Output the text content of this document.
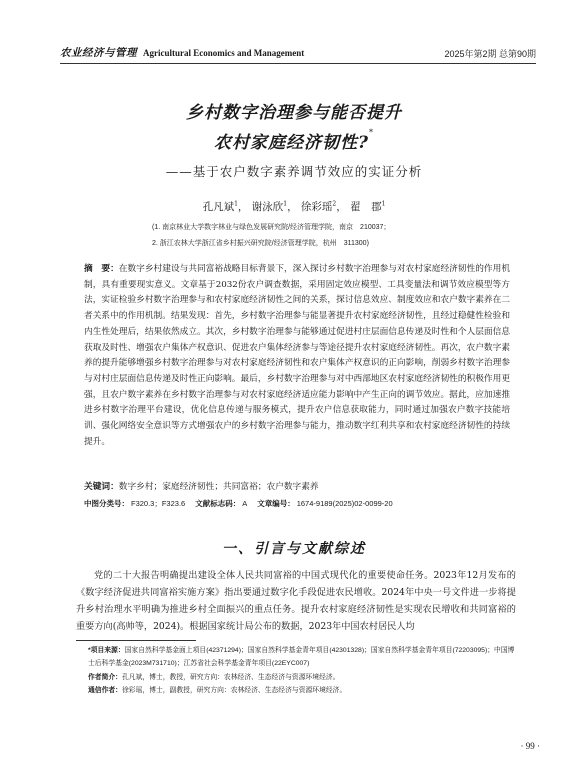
农业经济与管理 Agricultural Economics and Management	2025年第2期 总第90期
乡村数字治理参与能否提升
农村家庭经济韧性?*
——基于农户数字素养调节效应的实证分析
孔凡斌$^1$， 谢泳欣$^1$， 徐彩瑶$^2$， 翟　郡$^1$
(1. 南京林业大学数字林业与绿色发展研究院/经济管理学院，南京　210037；
2. 浙江农林大学浙江省乡村振兴研究院/经济管理学院，杭州　311300)
摘　要：在数字乡村建设与共同富裕战略目标背景下，深入探讨乡村数字治理参与对农村家庭经济韧性的作用机制，具有重要现实意义。文章基于2032份农户调查数据，采用固定效应模型、工具变量法和调节效应模型等方法，实证检验乡村数字治理参与和农村家庭经济韧性之间的关系，探讨信息效应、制度效应和农户数字素养在二者关系中的作用机制。结果发现：首先，乡村数字治理参与能显著提升农村家庭经济韧性，且经过稳健性检验和内生性处理后，结果依然成立。其次，乡村数字治理参与能够通过促进村庄层面信息传递及时性和个人层面信息获取及时性、增强农户集体产权意识、促进农户集体经济参与等途径提升农村家庭经济韧性。再次，农户数字素养的提升能够增强乡村数字治理参与对农村家庭经济韧性和农户集体产权意识的正向影响，削弱乡村数字治理参与对村庄层面信息传递及时性正向影响。最后，乡村数字治理参与对中西部地区农村家庭经济韧性的积极作用更强，且农户数字素养在乡村数字治理参与对农村家庭经济适应能力影响中产生正向的调节效应。据此，应加速推进乡村数字治理平台建设，优化信息传递与服务模式，提升农户信息获取能力，同时通过加强农户数字技能培训、强化网络安全意识等方式增强农户的乡村数字治理参与能力，推动数字红利共享和农村家庭经济韧性的持续提升。
关键词：数字乡村；家庭经济韧性；共同富裕；农户数字素养
中图分类号： F320.3；F323.6 文献标志码： A 文章编号： 1674-9189(2025)02-0099-20
一、引言与文献综述
党的二十大报告明确提出建设全体人民共同富裕的中国式现代化的重要使命任务。2023年12月发布的《数字经济促进共同富裕实施方案》指出要通过数字化手段促进农民增收。2024年中央一号文件进一步将提升乡村治理水平明确为推进乡村全面振兴的重点任务。提升农村家庭经济韧性是实现农民增收和共同富裕的重要方向(高帅等，2024)。根据国家统计局公布的数据，2023年中国农村居民人均
*项目来源：国家自然科学基金面上项目(42371294)；国家自然科学基金青年项目(42301328)；国家自然科学基金青年项目(72203095)；中国博士后科学基金(2023M731710)；江苏省社会科学基金青年项目(22EYC007)
作者简介：孔凡斌，博士，教授，研究方向：农林经济、生态经济与资源环境经济。
通信作者：徐彩瑶，博士，副教授，研究方向：农林经济、生态经济与资源环境经济。
· 99 ·
